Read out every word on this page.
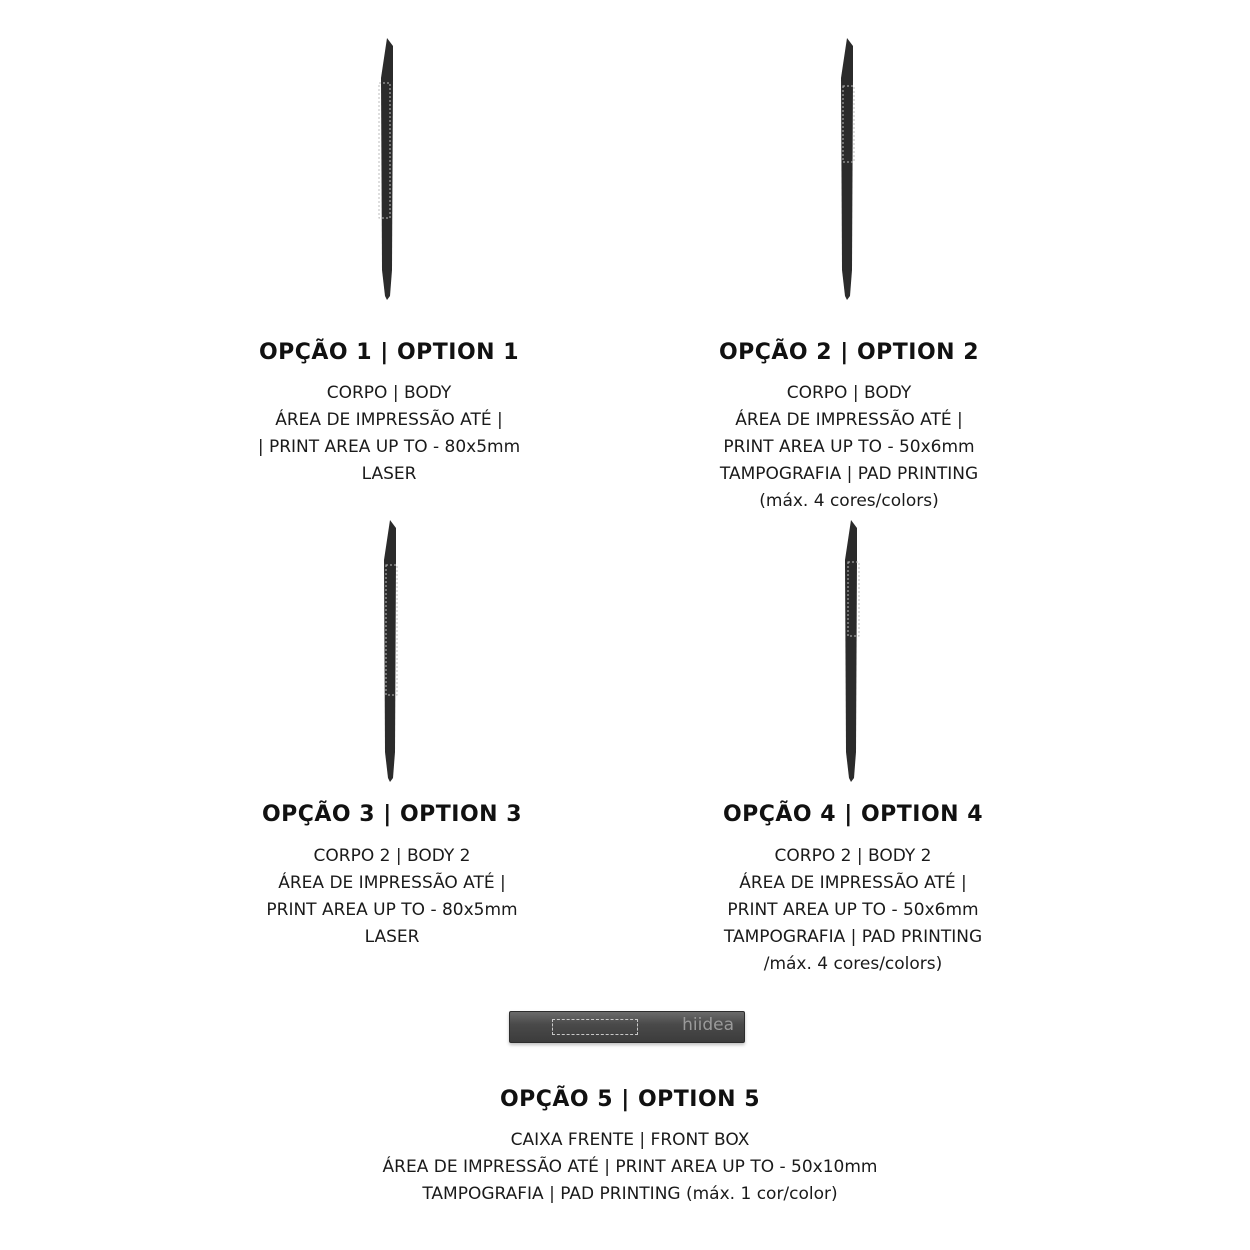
OPÇÃO 1 | OPTION 1
CORPO | BODY
ÁREA DE IMPRESSÃO ATÉ |
| PRINT AREA UP TO - 80x5mm
LASER
OPÇÃO 2 | OPTION 2
CORPO | BODY
ÁREA DE IMPRESSÃO ATÉ |
PRINT AREA UP TO - 50x6mm
TAMPOGRAFIA | PAD PRINTING
(máx. 4 cores/colors)
OPÇÃO 3 | OPTION 3
CORPO 2 | BODY 2
ÁREA DE IMPRESSÃO ATÉ |
PRINT AREA UP TO - 80x5mm
LASER
OPÇÃO 4 | OPTION 4
CORPO 2 | BODY 2
ÁREA DE IMPRESSÃO ATÉ |
PRINT AREA UP TO - 50x6mm
TAMPOGRAFIA | PAD PRINTING
/máx. 4 cores/colors)
hiidea
OPÇÃO 5 | OPTION 5
CAIXA FRENTE | FRONT BOX
ÁREA DE IMPRESSÃO ATÉ | PRINT AREA UP TO - 50x10mm
TAMPOGRAFIA | PAD PRINTING (máx. 1 cor/color)
